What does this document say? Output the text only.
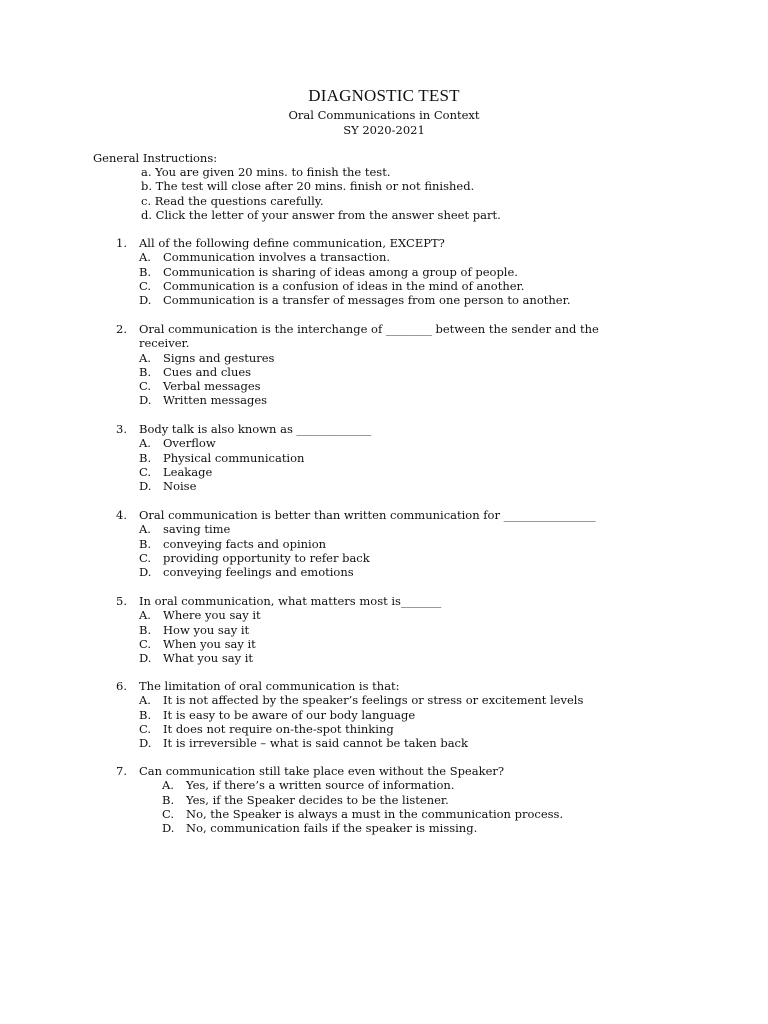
DIAGNOSTIC TEST
Oral Communications in Context
SY 2020-2021
General Instructions:
a. You are given 20 mins. to finish the test.
b. The test will close after 20 mins. finish or not finished.
c. Read the questions carefully.
d. Click the letter of your answer from the answer sheet part.
1. All of the following define communication, EXCEPT?
A. Communication involves a transaction.
B. Communication is sharing of ideas among a group of people.
C. Communication is a confusion of ideas in the mind of another.
D. Communication is a transfer of messages from one person to another.
2. Oral communication is the interchange of ________ between the sender and the receiver.
A. Signs and gestures
B. Cues and clues
C. Verbal messages
D. Written messages
3. Body talk is also known as _____________
A. Overflow
B. Physical communication
C. Leakage
D. Noise
4. Oral communication is better than written communication for ________________
A. saving time
B. conveying facts and opinion
C. providing opportunity to refer back
D. conveying feelings and emotions
5. In oral communication, what matters most is_______
A. Where you say it
B. How you say it
C. When you say it
D. What you say it
6. The limitation of oral communication is that:
A. It is not affected by the speaker’s feelings or stress or excitement levels
B. It is easy to be aware of our body language
C. It does not require on-the-spot thinking
D. It is irreversible – what is said cannot be taken back
7. Can communication still take place even without the Speaker?
A. Yes, if there’s a written source of information.
B. Yes, if the Speaker decides to be the listener.
C. No, the Speaker is always a must in the communication process.
D. No, communication fails if the speaker is missing.
